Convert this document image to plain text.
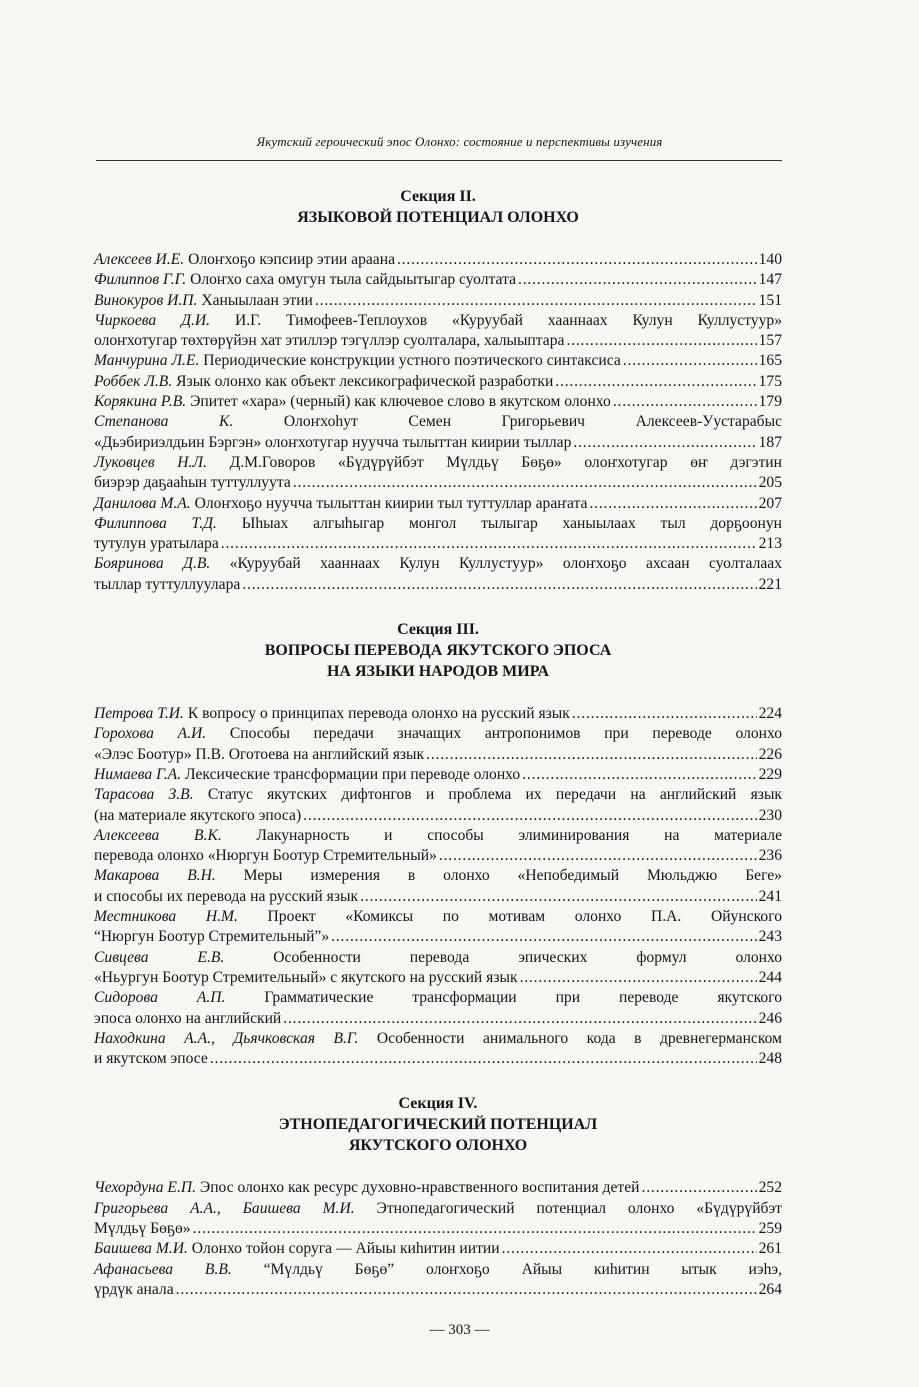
Якутский героический эпос Олонхо: состояние и перспективы изучения
Секция II.
ЯЗЫКОВОЙ ПОТЕНЦИАЛ ОЛОНХО
Алексеев И.Е. Олоҥхоҕо кэпсиир этии араана .....	140
Филиппов Г.Г. Олоҥхо саха омугун тыла сайдыытыгар суолтата .....	147
Винокуров И.П. Ханыылаан этии .....	151
Чиркоева Д.И. И.Г. Тимофеев-Теплоухов «Куруубай хааннаах Кулун Куллустуур»
олоҥхотугар төхтөрүйэн хат этиллэр тэгүллэр суолталара, халыыптара .....	157
Манчурина Л.Е. Периодические конструкции устного поэтического синтаксиса .....	165
Роббек Л.В. Язык олонхо как объект лексикографической разработки .....	175
Корякина Р.В. Эпитет «хара» (черный) как ключевое слово в якутском олонхо .....	179
Степанова К.	Олоҥхоһут Семен Григорьевич Алексеев-Уустарабыс
«Дьэбириэлдьин Бэргэн» олоҥхотугар нуучча тылыттан киирии тыллар .....	187
Луковцев Н.Л. Д.М.Говоров «Бүдүрүйбэт Мүлдьү Бөҕө» олоҥхотугар өҥ дэгэтин
биэрэр даҕааһын туттуллуута .....	205
Данилова М.А. Олоҥхоҕо нуучча тылыттан киирии тыл туттуллар араҥата .....	207
Филиппова Т.Д. Ыһыах алгыһыгар монгол тылыгар ханыылаах тыл дорҕоонун
тутулун уратылара .....	213
Бояринова Д.В. «Куруубай хааннаах Кулун Куллустуур» олоҥхоҕо ахсаан суолталаах
тыллар туттуллуулара .....	221
Секция III.
ВОПРОСЫ ПЕРЕВОДА ЯКУТСКОГО ЭПОСА
НА ЯЗЫКИ НАРОДОВ МИРА
Петрова Т.И. К вопросу о принципах перевода олонхо на русский язык .....	224
Горохова А.И. Способы передачи значащих антропонимов при переводе олонхо
«Элэс Боотур» П.В. Оготоева на английский язык .....	226
Нимаева Г.А. Лексические трансформации при переводе олонхо .....	229
Тарасова З.В. Статус якутских дифтонгов и проблема их передачи на английский язык
(на материале якутского эпоса) .....	230
Алексеева В.К. Лакунарность и способы элиминирования на материале
перевода олонхо «Нюргун Боотур Стремительный» .....	236
Макарова В.Н. Меры измерения в олонхо «Непобедимый Мюльджю Беге»
и способы их перевода на русский язык .....	241
Местникова Н.М. Проект «Комиксы по мотивам олонхо П.А. Ойунского
“Нюргун Боотур Стремительный”» .....	243
Сивцева Е.В.	Особенности перевода эпических формул олонхо
«Ньургун Боотур Стремительный» с якутского на русский язык .....	244
Сидорова А.П. Грамматические трансформации при переводе якутского
эпоса олонхо на английский .....	246
Находкина А.А., Дьячковская В.Г. Особенности анимального кода в древнегерманском
и якутском эпосе .....	248
Секция IV.
ЭТНОПЕДАГОГИЧЕСКИЙ ПОТЕНЦИАЛ
ЯКУТСКОГО ОЛОНХО
Чехордуна Е.П. Эпос олонхо как ресурс духовно-нравственного воспитания детей .....	252
Григорьева А.А., Баишева М.И. Этнопедагогический потенциал олонхо «Бүдүрүйбэт
Мүлдьү Бөҕө» .....	259
Баишева М.И. Олонхо тойон соруга — Айыы киһитин иитии .....	261
Афанасьева В.В. “Мүлдьү Бөҕө” олоҥхоҕо Айыы киһитин ытык иэһэ,
үрдүк анала .....	264
— 303 —
